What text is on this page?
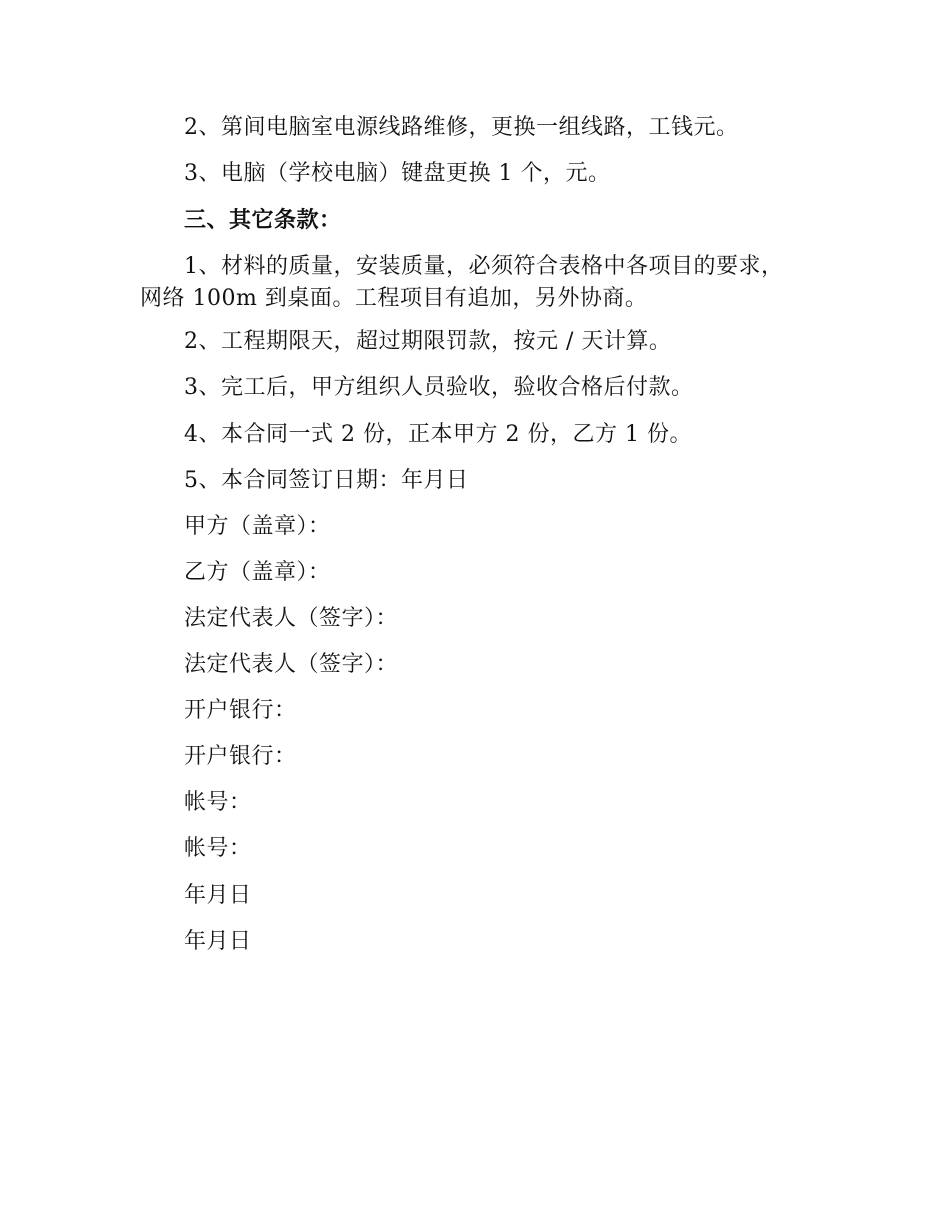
2、第间电脑室电源线路维修，更换一组线路，工钱元。
3、电脑（学校电脑）键盘更换 1 个，元。
三、其它条款：
1、材料的质量，安装质量，必须符合表格中各项目的要求，网络 100m 到桌面。工程项目有追加，另外协商。
2、工程期限天，超过期限罚款，按元 / 天计算。
3、完工后，甲方组织人员验收，验收合格后付款。
4、本合同一式 2 份，正本甲方 2 份，乙方 1 份。
5、本合同签订日期：年月日
甲方（盖章）：
乙方（盖章）：
法定代表人（签字）：
法定代表人（签字）：
开户银行：
开户银行：
帐号：
帐号：
年月日
年月日
